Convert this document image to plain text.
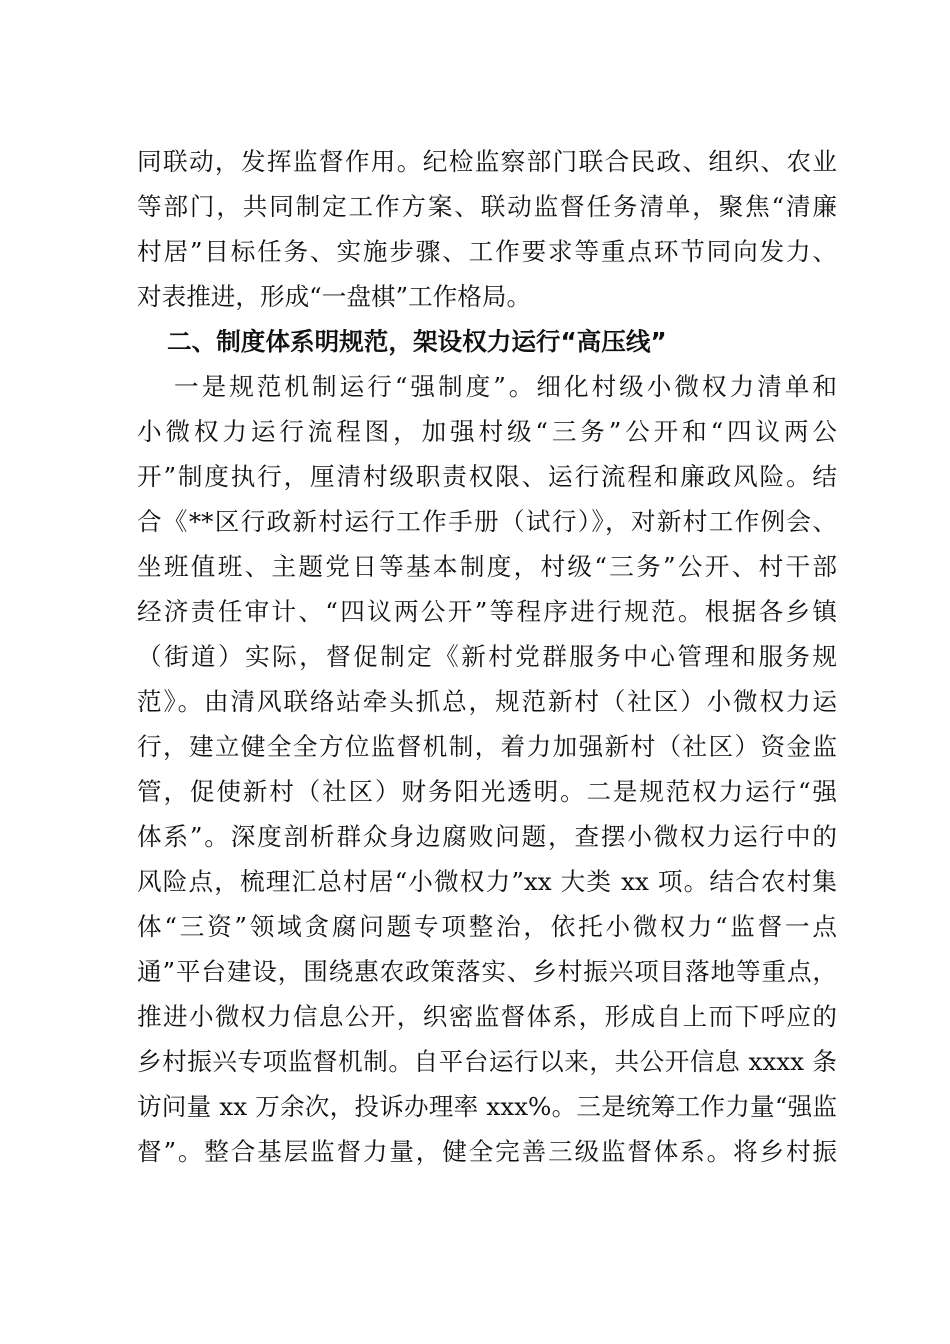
同联动，发挥监督作用。纪检监察部门联合民政、组织、农业
等部门，共同制定工作方案、联动监督任务清单，聚焦“清廉
村居”目标任务、实施步骤、工作要求等重点环节同向发力、
对表推进，形成“一盘棋”工作格局。
二、制度体系明规范，架设权力运行“高压线”
一是规范机制运行“强制度”。细化村级小微权力清单和
小微权力运行流程图，加强村级“三务”公开和“四议两公
开”制度执行，厘清村级职责权限、运行流程和廉政风险。结
合《**区行政新村运行工作手册（试行）》，对新村工作例会、
坐班值班、主题党日等基本制度，村级“三务”公开、村干部
经济责任审计、“四议两公开”等程序进行规范。根据各乡镇
（街道）实际，督促制定《新村党群服务中心管理和服务规
范》。由清风联络站牵头抓总，规范新村（社区）小微权力运
行，建立健全全方位监督机制，着力加强新村（社区）资金监
管，促使新村（社区）财务阳光透明。二是规范权力运行“强
体系”。深度剖析群众身边腐败问题，查摆小微权力运行中的
风险点，梳理汇总村居“小微权力”xx 大类 xx 项。结合农村集
体“三资”领域贪腐问题专项整治，依托小微权力“监督一点
通”平台建设，围绕惠农政策落实、乡村振兴项目落地等重点，
推进小微权力信息公开，织密监督体系，形成自上而下呼应的
乡村振兴专项监督机制。自平台运行以来，共公开信息 xxxx 条
访问量 xx 万余次，投诉办理率 xxx%。三是统筹工作力量“强监
督”。整合基层监督力量，健全完善三级监督体系。将乡村振
